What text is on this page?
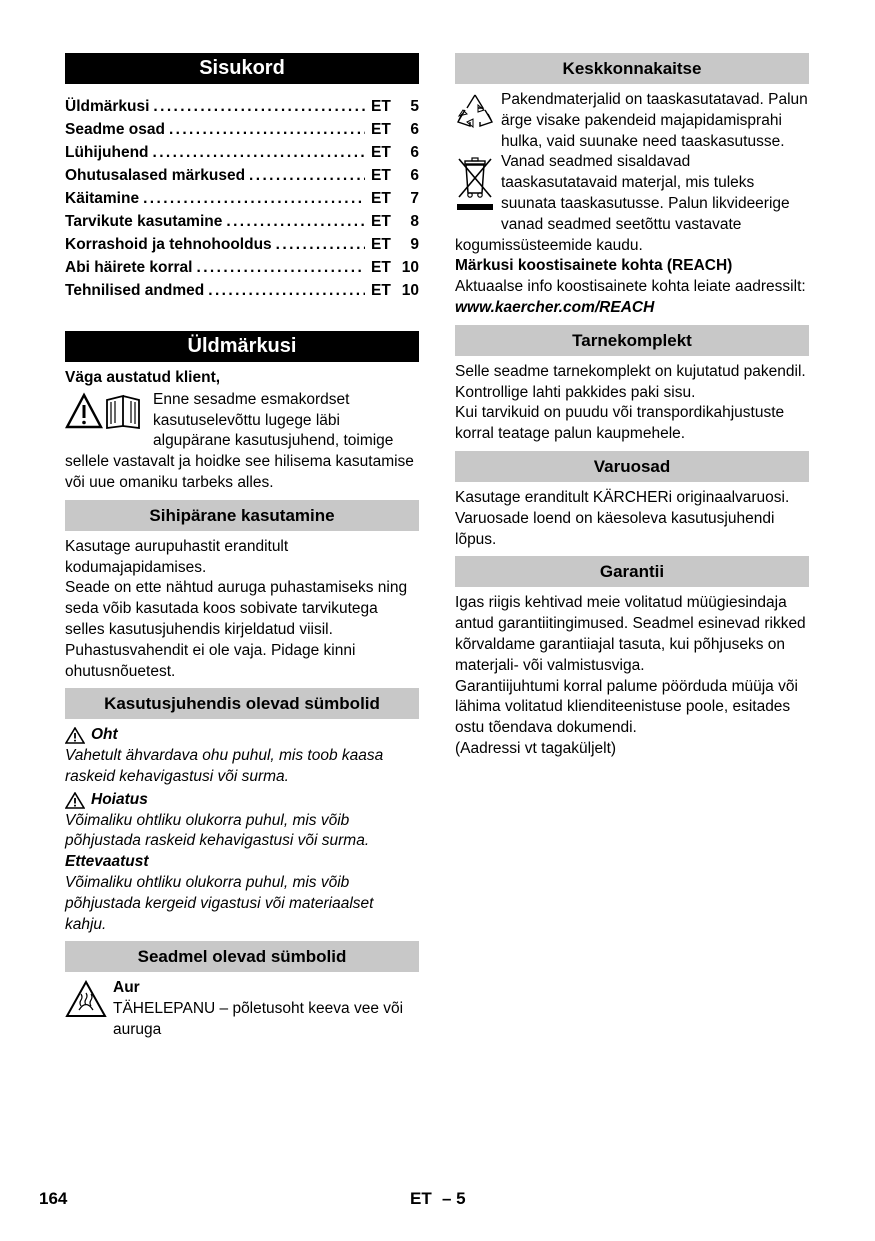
Sisukord
Üldmärkusi .....	ET	5
Seadme osad .....	ET	6
Lühijuhend .....	ET	6
Ohutusalased märkused .....	ET	6
Käitamine .....	ET	7
Tarvikute kasutamine .....	ET	8
Korrashoid ja tehnohooldus .....	ET	9
Abi häirete korral .....	ET 10
Tehnilised andmed .....	ET 10
Üldmärkusi

Väga austatud klient,

Enne sesadme esmakordset kasutuselevõttu lugege läbi algupärane kasutusjuhend, toimige sellele vastavalt ja hoidke see hilisema kasutamise või uue omaniku tarbeks alles.

Sihipärane kasutamine

Kasutage aurupuhastit eranditult kodumajapidamises.

Seade on ette nähtud auruga puhastamiseks ning seda võib kasutada koos sobivate tarvikutega selles kasutusjuhendis kirjeldatud viisil. Puhastusvahendit ei ole vaja. Pidage kinni ohutusnõuetest.

Kasutusjuhendis olevad sümbolid
Oht

Vahetult ähvardava ohu puhul, mis toob kaasa raskeid kehavigastusi või surma.

Hoiatus

Võimaliku ohtliku olukorra puhul, mis võib põhjustada raskeid kehavigastusi või surma.

Ettevaatust

Võimaliku ohtliku olukorra puhul, mis võib põhjustada kergeid vigastusi või materiaalset kahju.

Seadmel olevad sümbolid

Aur

TÄHELEPANU – põletusoht keeva vee või auruga

Keskkonnakaitse

Pakendmaterjalid on taaskasutatavad. Palun ärge visake pakendeid majapidamisprahi hulka, vaid suunake need taaskasutusse.

Vanad seadmed sisaldavad taaskasutatavaid materjal, mis tuleks suunata taaskasutusse. Palun likvideerige vanad seadmed seetõttu vastavate kogumissüsteemide kaudu.

Märkusi koostisainete kohta (REACH)

Aktuaalse info koostisainete kohta leiate aadressilt:

www.kaercher.com/REACH

Tarnekomplekt

Selle seadme tarnekomplekt on kujutatud pakendil. Kontrollige lahti pakkides paki sisu.

Kui tarvikuid on puudu või transpordikahjustuste korral teatage palun kaupmehele.

Varuosad

Kasutage eranditult KÄRCHERi originaalvaruosi. Varuosade loend on käesoleva kasutusjuhendi lõpus.

Garantii

Igas riigis kehtivad meie volitatud müügiesindaja antud garantiitingimused. Seadmel esinevad rikked kõrvaldame garantiiajal tasuta, kui põhjuseks on materjali- või valmistusviga.

Garantiijuhtumi korral palume pöörduda müüja või lähima volitatud klienditeenistuse poole, esitades ostu tõendava dokumendi.

(Aadressi vt tagaküljelt)

164	ET – 5
